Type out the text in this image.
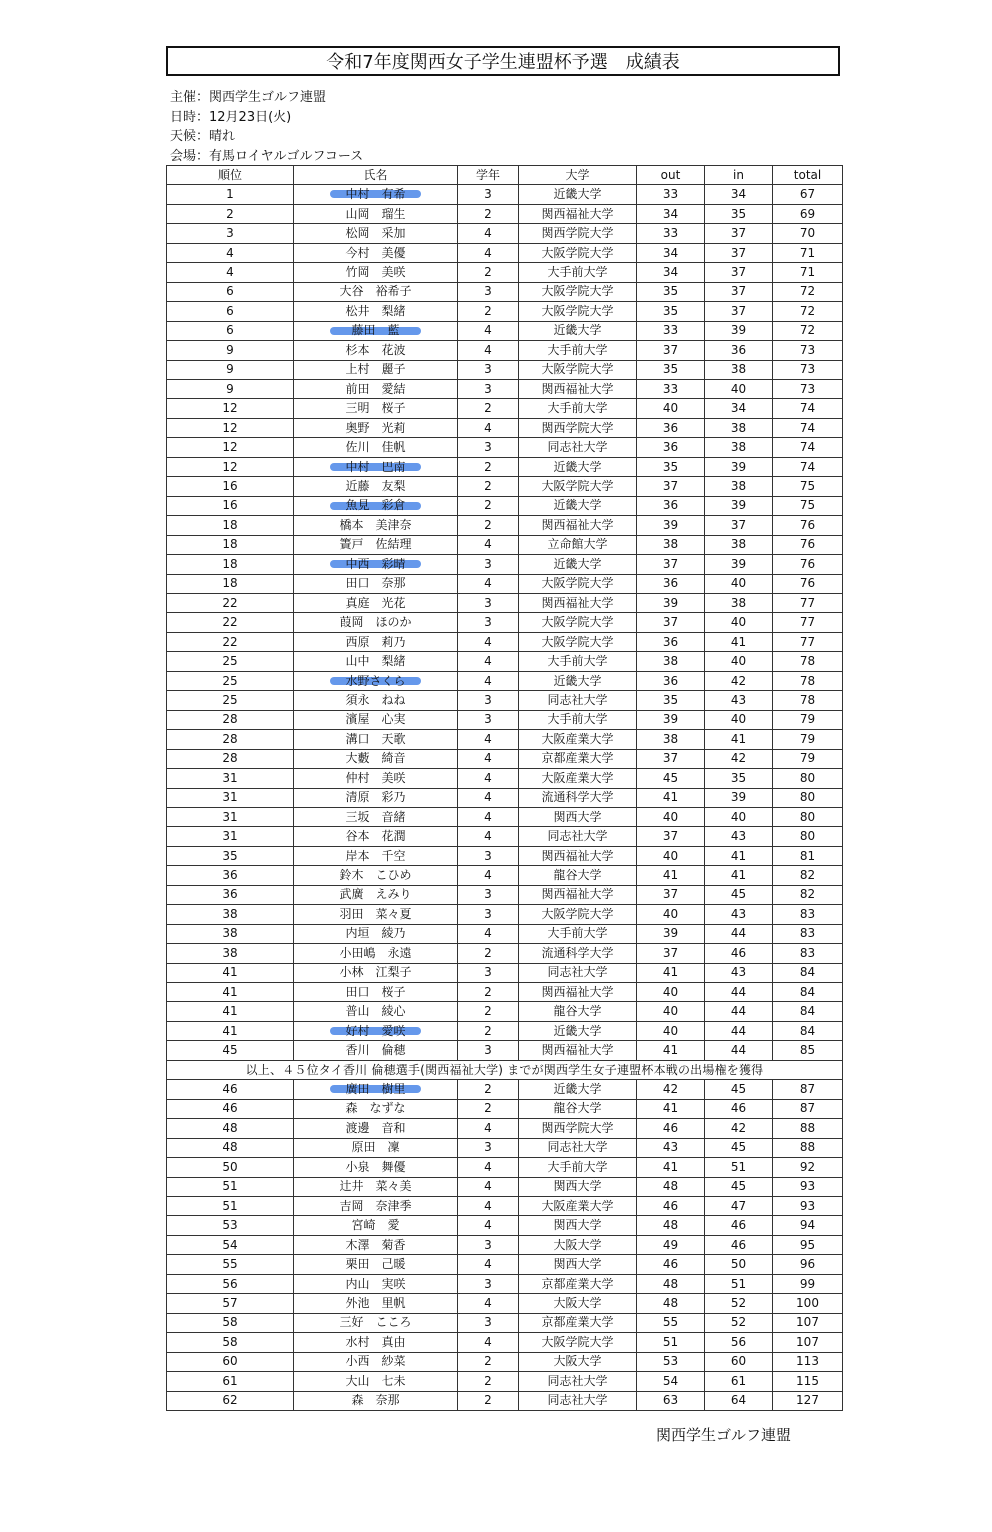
令和7年度関西女子学生連盟杯予選　成績表
主催：関西学生ゴルフ連盟
日時：12月23日(火)
天候：晴れ
会場：有馬ロイヤルゴルフコース
順位	氏名	学年	大学	out	in	total
1	中村　有希	3	近畿大学	33	34	67
2	山岡　瑠生	2	関西福祉大学	34	35	69
3	松岡　采加	4	関西学院大学	33	37	70
4	今村　美優	4	大阪学院大学	34	37	71
4	竹岡　美咲	2	大手前大学	34	37	71
6	大谷　裕希子	3	大阪学院大学	35	37	72
6	松井　梨緒	2	大阪学院大学	35	37	72
6	藤田　藍	4	近畿大学	33	39	72
9	杉本　花波	4	大手前大学	37	36	73
9	上村　麗子	3	大阪学院大学	35	38	73
9	前田　愛結	3	関西福祉大学	33	40	73
12	三明　桜子	2	大手前大学	40	34	74
12	奥野　光莉	4	関西学院大学	36	38	74
12	佐川　佳帆	3	同志社大学	36	38	74
12	中村　巴南	2	近畿大学	35	39	74
16	近藤　友梨	2	大阪学院大学	37	38	75
16	魚見　彩倉	2	近畿大学	36	39	75
18	橋本　美津奈	2	関西福祉大学	39	37	76
18	簀戸　佐結理	4	立命館大学	38	38	76
18	中西　彩晴	3	近畿大学	37	39	76
18	田口　奈那	4	大阪学院大学	36	40	76
22	真庭　光花	3	関西福祉大学	39	38	77
22	葭岡　ほのか	3	大阪学院大学	37	40	77
22	西原　莉乃	4	大阪学院大学	36	41	77
25	山中　梨緒	4	大手前大学	38	40	78
25	水野さくら	4	近畿大学	36	42	78
25	須永　ねね	3	同志社大学	35	43	78
28	濱屋　心実	3	大手前大学	39	40	79
28	溝口　天歌	4	大阪産業大学	38	41	79
28	大藪　綺音	4	京都産業大学	37	42	79
31	仲村　美咲	4	大阪産業大学	45	35	80
31	清原　彩乃	4	流通科学大学	41	39	80
31	三坂　音緒	4	関西大学	40	40	80
31	谷本　花潤	4	同志社大学	37	43	80
35	岸本　千空	3	関西福祉大学	40	41	81
36	鈴木　こひめ	4	龍谷大学	41	41	82
36	武廣　えみり	3	関西福祉大学	37	45	82
38	羽田　菜々夏	3	大阪学院大学	40	43	83
38	内垣　綾乃	4	大手前大学	39	44	83
38	小田嶋　永遠	2	流通科学大学	37	46	83
41	小林　江梨子	3	同志社大学	41	43	84
41	田口　桜子	2	関西福祉大学	40	44	84
41	普山　綾心	2	龍谷大学	40	44	84
41	好村　愛咲	2	近畿大学	40	44	84
45	香川　倫穂	3	関西福祉大学	41	44	85
以上、４５位タイ香川 倫穂選手(関西福祉大学) までが関西学生女子連盟杯本戦の出場権を獲得						
46	廣田　樹里	2	近畿大学	42	45	87
46	森　なずな	2	龍谷大学	41	46	87
48	渡邊　音和	4	関西学院大学	46	42	88
48	原田　凜	3	同志社大学	43	45	88
50	小泉　舞優	4	大手前大学	41	51	92
51	辻井　菜々美	4	関西大学	48	45	93
51	吉岡　奈津季	4	大阪産業大学	46	47	93
53	宮崎　愛	4	関西大学	48	46	94
54	木澤　菊香	3	大阪大学	49	46	95
55	栗田　己暖	4	関西大学	46	50	96
56	内山　実咲	3	京都産業大学	48	51	99
57	外池　里帆	4	大阪大学	48	52	100
58	三好　こころ	3	京都産業大学	55	52	107
58	水村　真由	4	大阪学院大学	51	56	107
60	小西　紗菜	2	大阪大学	53	60	113
61	大山　七未	2	同志社大学	54	61	115
62	森　奈那	2	同志社大学	63	64	127
関西学生ゴルフ連盟
